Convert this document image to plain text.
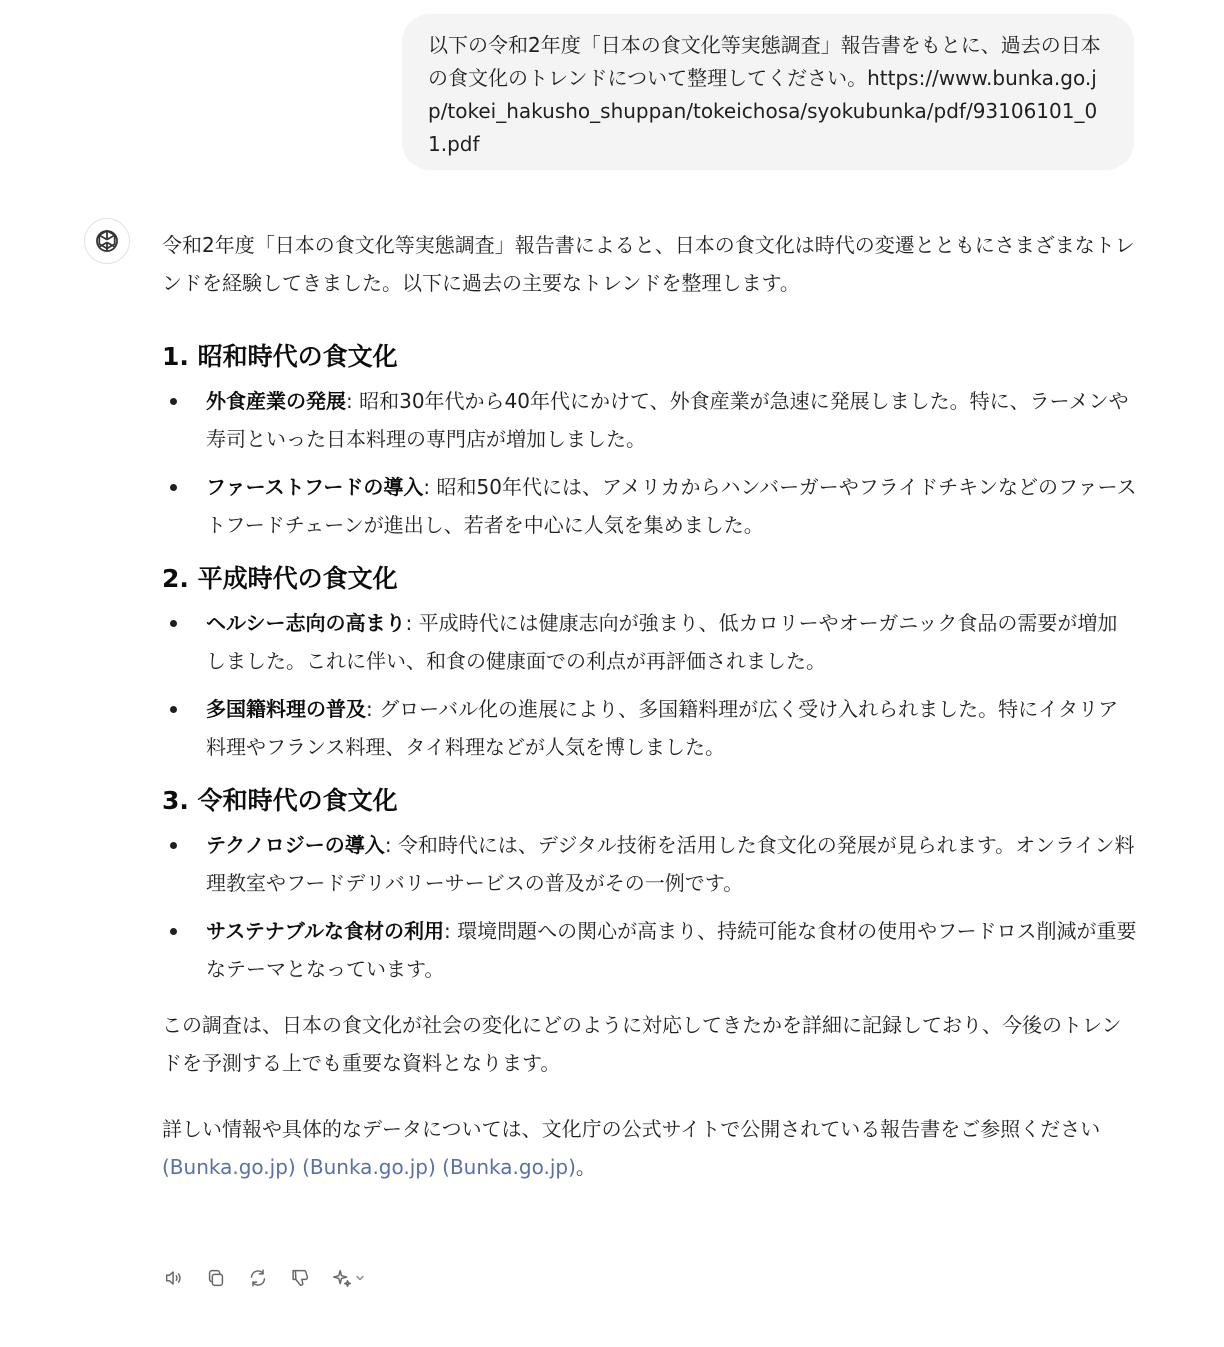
以下の令和2年度「日本の食文化等実態調査」報告書をもとに、過去の日本の食文化のトレンドについて整理してください。https://www.bunka.go.jp/tokei_hakusho_shuppan/tokeichosa/syokubunka/pdf/93106101_01.pdf

令和2年度「日本の食文化等実態調査」報告書によると、日本の食文化は時代の変遷とともにさまざまなトレンドを経験してきました。以下に過去の主要なトレンドを整理します。

1. 昭和時代の食文化
外食産業の発展: 昭和30年代から40年代にかけて、外食産業が急速に発展しました。特に、ラーメンや寿司といった日本料理の専門店が増加しました。
ファーストフードの導入: 昭和50年代には、アメリカからハンバーガーやフライドチキンなどのファーストフードチェーンが進出し、若者を中心に人気を集めました。
2. 平成時代の食文化
ヘルシー志向の高まり: 平成時代には健康志向が強まり、低カロリーやオーガニック食品の需要が増加しました。これに伴い、和食の健康面での利点が再評価されました。
多国籍料理の普及: グローバル化の進展により、多国籍料理が広く受け入れられました。特にイタリア料理やフランス料理、タイ料理などが人気を博しました。
3. 令和時代の食文化
テクノロジーの導入: 令和時代には、デジタル技術を活用した食文化の発展が見られます。オンライン料理教室やフードデリバリーサービスの普及がその一例です。
サステナブルな食材の利用: 環境問題への関心が高まり、持続可能な食材の使用やフードロス削減が重要なテーマとなっています。

この調査は、日本の食文化が社会の変化にどのように対応してきたかを詳細に記録しており、今後のトレンドを予測する上でも重要な資料となります。

詳しい情報や具体的なデータについては、文化庁の公式サイトで公開されている報告書をご参照ください
(Bunka.go.jp) (Bunka.go.jp) (Bunka.go.jp)。
